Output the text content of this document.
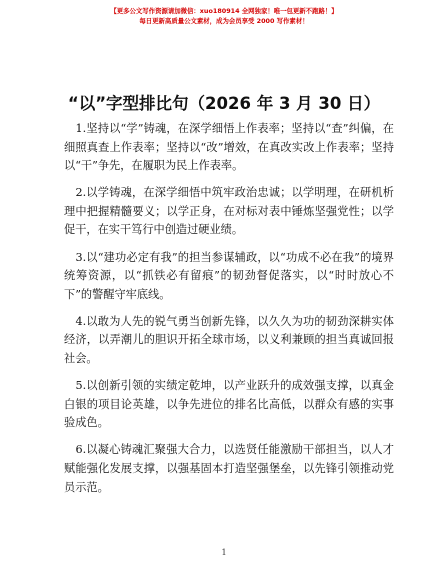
【更多公文写作资源请加微信：xuo180914 全网独家！唯一包更新不跑路！】
每日更新高质量公文素材，成为会员享受 2000 写作素材！
“以”字型排比句（2026 年 3 月 30 日）

1.坚持以“学”铸魂，在深学细悟上作表率；坚持以“查”纠偏，在细照真查上作表率；坚持以“改”增效，在真改实改上作表率；坚持以“干”争先，在履职为民上作表率。

2.以学铸魂，在深学细悟中筑牢政治忠诚；以学明理，在研机析理中把握精髓要义；以学正身，在对标对表中锤炼坚强党性；以学促干，在实干笃行中创造过硬业绩。

3.以“建功必定有我”的担当参谋辅政，以“功成不必在我”的境界统筹资源，以“抓铁必有留痕”的韧劲督促落实，以“时时放心不下”的警醒守牢底线。

4.以敢为人先的锐气勇当创新先锋，以久久为功的韧劲深耕实体经济，以弄潮儿的胆识开拓全球市场，以义利兼顾的担当真诚回报社会。

5.以创新引领的实绩定乾坤，以产业跃升的成效强支撑，以真金白银的项目论英雄，以争先进位的排名比高低，以群众有感的实事验成色。

6.以凝心铸魂汇聚强大合力，以选贤任能激励干部担当，以人才赋能强化发展支撑，以强基固本打造坚强堡垒，以先锋引领推动党员示范。

1
